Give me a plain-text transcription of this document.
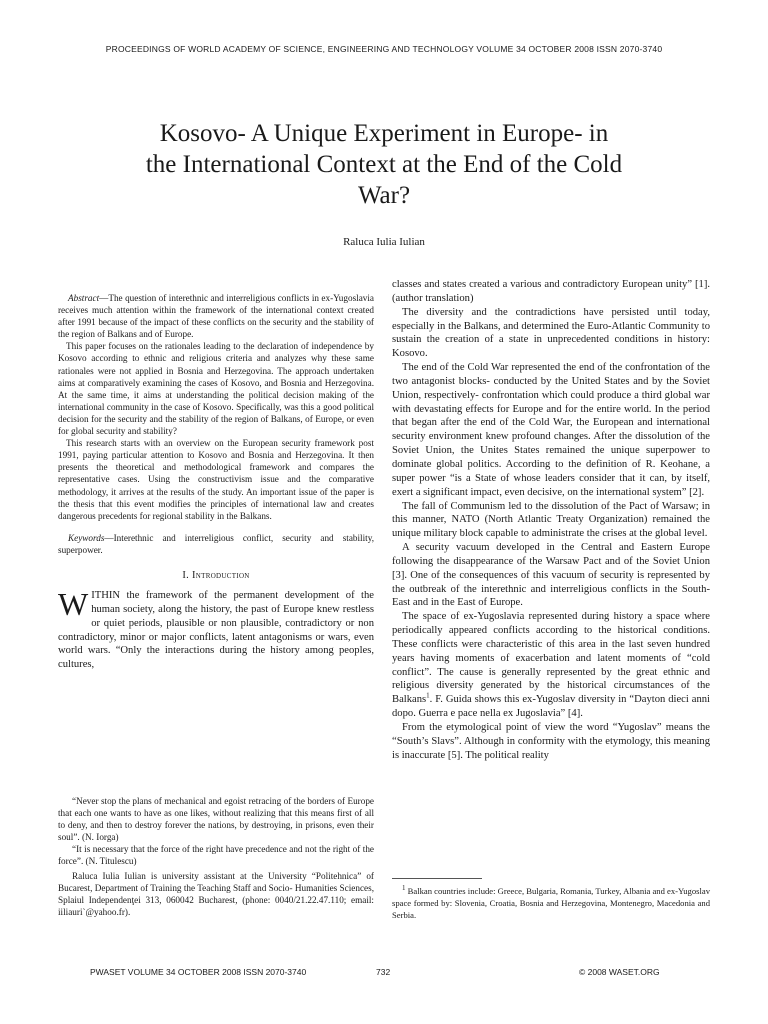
PROCEEDINGS OF WORLD ACADEMY OF SCIENCE, ENGINEERING AND TECHNOLOGY VOLUME 34 OCTOBER 2008 ISSN 2070-3740
Kosovo- A Unique Experiment in Europe- in
the International Context at the End of the Cold
War?
Raluca Iulia Iulian

Abstract—The question of interethnic and interreligious conflicts in ex-Yugoslavia receives much attention within the framework of the international context created after 1991 because of the impact of these conflicts on the security and the stability of the region of Balkans and of Europe.

This paper focuses on the rationales leading to the declaration of independence by Kosovo according to ethnic and religious criteria and analyzes why these same rationales were not applied in Bosnia and Herzegovina. The approach undertaken aims at comparatively examining the cases of Kosovo, and Bosnia and Herzegovina. At the same time, it aims at understanding the political decision making of the international community in the case of Kosovo. Specifically, was this a good political decision for the security and the stability of the region of Balkans, of Europe, or even for global security and stability?

This research starts with an overview on the European security framework post 1991, paying particular attention to Kosovo and Bosnia and Herzegovina. It then presents the theoretical and methodological framework and compares the representative cases. Using the constructivism issue and the comparative methodology, it arrives at the results of the study. An important issue of the paper is the thesis that this event modifies the principles of international law and creates dangerous precedents for regional stability in the Balkans.

Keywords—Interethnic and interreligious conflict, security and stability, superpower.

I. Introduction

WITHIN the framework of the permanent development of the human society, along the history, the past of Europe knew restless or quiet periods, plausible or non plausible, contradictory or non contradictory, minor or major conflicts, latent antagonisms or wars, even world wars. “Only the interactions during the history among peoples, cultures,

“Never stop the plans of mechanical and egoist retracing of the borders of Europe that each one wants to have as one likes, without realizing that this means first of all to deny, and then to destroy forever the nations, by destroying, in prisons, even their soul”. (N. Iorga)

“It is necessary that the force of the right have precedence and not the right of the force”. (N. Titulescu)

Raluca Iulia Iulian is university assistant at the University “Politehnica” of Bucarest, Department of Training the Teaching Staff and Socio- Humanities Sciences, Splaiul Independenţei 313, 060042 Bucharest, (phone: 0040/21.22.47.110; email: iiliauri`@yahoo.fr).

classes and states created a various and contradictory European unity” [1]. (author translation)

The diversity and the contradictions have persisted until today, especially in the Balkans, and determined the Euro-Atlantic Community to sustain the creation of a state in unprecedented conditions in history: Kosovo.

The end of the Cold War represented the end of the confrontation of the two antagonist blocks- conducted by the United States and by the Soviet Union, respectively- confrontation which could produce a third global war with devastating effects for Europe and for the entire world. In the period that began after the end of the Cold War, the European and international security environment knew profound changes. After the dissolution of the Soviet Union, the Unites States remained the unique superpower to dominate global politics. According to the definition of R. Keohane, a super power “is a State of whose leaders consider that it can, by itself, exert a significant impact, even decisive, on the international system” [2].

The fall of Communism led to the dissolution of the Pact of Warsaw; in this manner, NATO (North Atlantic Treaty Organization) remained the unique military block capable to administrate the crises at the global level.

A security vacuum developed in the Central and Eastern Europe following the disappearance of the Warsaw Pact and of the Soviet Union [3]. One of the consequences of this vacuum of security is represented by the outbreak of the interethnic and interreligious conflicts in the South-East and in the East of Europe.

The space of ex-Yugoslavia represented during history a space where periodically appeared conflicts according to the historical conditions. These conflicts were characteristic of this area in the last seven hundred years having moments of exacerbation and latent moments of “cold conflict”. The cause is generally represented by the great ethnic and religious diversity generated by the historical circumstances of the Balkans$^1$. F. Guida shows this ex-Yugoslav diversity in “Dayton dieci anni dopo. Guerra e pace nella ex Jugoslavia” [4].

From the etymological point of view the word “Yugoslav” means the “South’s Slavs”. Although in conformity with the etymology, this meaning is inaccurate [5]. The political reality

$^1$ Balkan countries include: Greece, Bulgaria, Romania, Turkey, Albania and ex-Yugoslav space formed by: Slovenia, Croatia, Bosnia and Herzegovina, Montenegro, Macedonia and Serbia.
PWASET VOLUME 34 OCTOBER 2008 ISSN 2070-3740	732	© 2008 WASET.ORG
